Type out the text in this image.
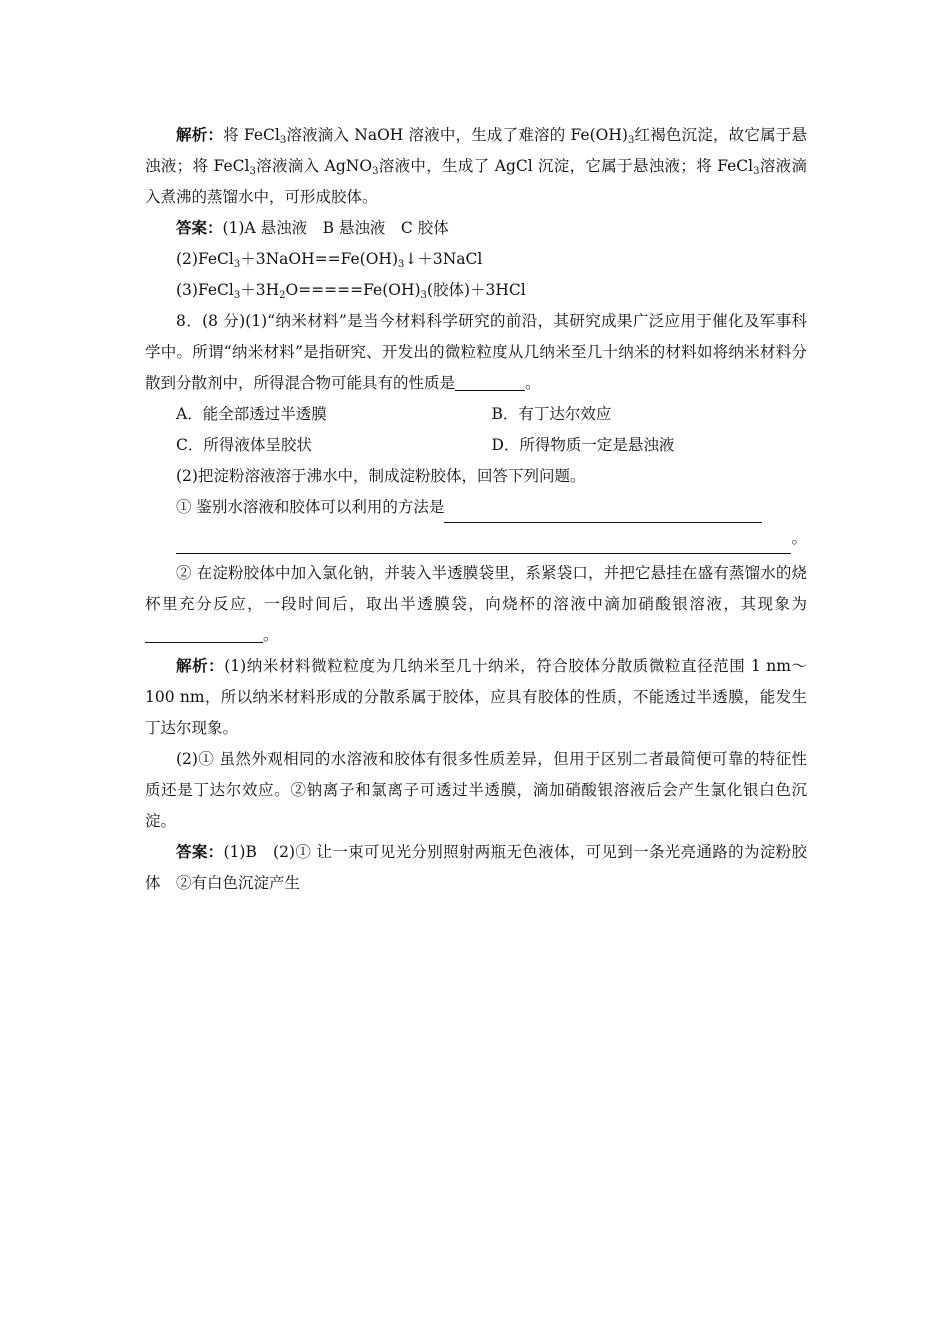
解析：将 FeCl$_3$溶液滴入 NaOH 溶液中，生成了难溶的 $Fe(OH)_3$红褐色沉淀，故它属于悬浊液；将 FeCl$_3$溶液滴入 AgNO$_3$溶液中，生成了 AgCl 沉淀，它属于悬浊液；将 FeCl$_3$溶液滴入煮沸的蒸馏水中，可形成胶体。

答案：(1)A 悬浊液　B 悬浊液　C 胶体

$(2)FeCl_3+3NaOH==Fe(OH)_3↓+3NaCl$

$(3)FeCl_3+3H_2O=====Fe(OH)_3$(胶体)＋3HCl

8．(8 分)(1)“纳米材料”是当今材料科学研究的前沿，其研究成果广泛应用于催化及军事科学中。所谓“纳米材料”是指研究、开发出的微粒粒度从几纳米至几十纳米的材料如将纳米材料分散到分散剂中，所得混合物可能具有的性质是	。

A．能全部透过半透膜	B．有丁达尔效应
C．所得液体呈胶状	D．所得物质一定是悬浊液

(2)把淀粉溶液溶于沸水中，制成淀粉胶体，回答下列问题。

① 鉴别水溶液和胶体可以利用的方法是
。

② 在淀粉胶体中加入氯化钠，并装入半透膜袋里，系紧袋口，并把它悬挂在盛有蒸馏水的烧杯里充分反应，一段时间后，取出半透膜袋，向烧杯的溶液中滴加硝酸银溶液，其现象为。

解析：(1)纳米材料微粒粒度为几纳米至几十纳米，符合胶体分散质微粒直径范围 1 nm～100 nm，所以纳米材料形成的分散系属于胶体，应具有胶体的性质，不能透过半透膜，能发生丁达尔现象。

(2)① 虽然外观相同的水溶液和胶体有很多性质差异，但用于区别二者最简便可靠的特征性质还是丁达尔效应。②钠离子和氯离子可透过半透膜，滴加硝酸银溶液后会产生氯化银白色沉淀。

答案：(1)B　(2)① 让一束可见光分别照射两瓶无色液体，可见到一条光亮通路的为淀粉胶体　②有白色沉淀产生
